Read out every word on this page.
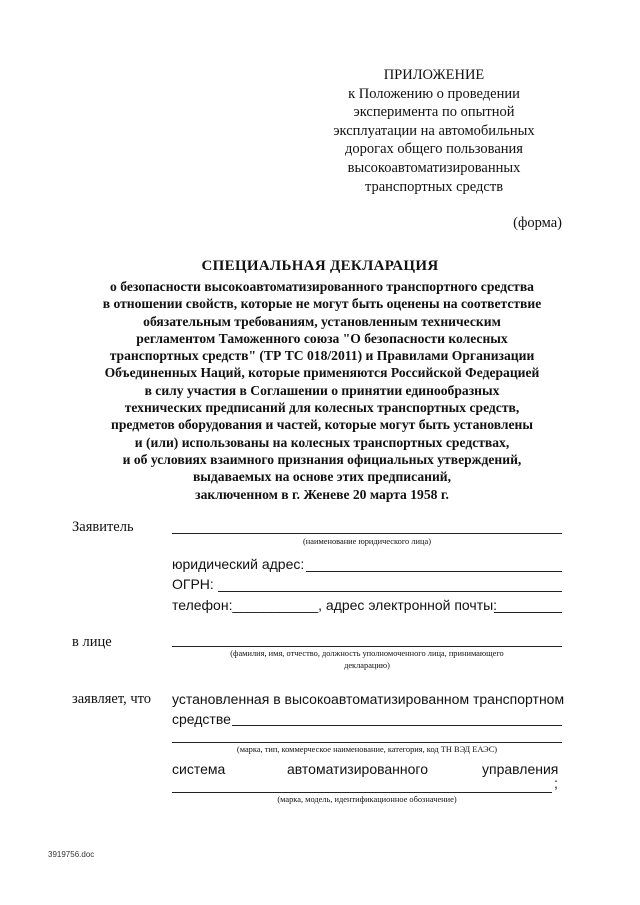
ПРИЛОЖЕНИЕ
к Положению о проведении
эксперимента по опытной
эксплуатации на автомобильных
дорогах общего пользования
высокоавтоматизированных
транспортных средств
(форма)
СПЕЦИАЛЬНАЯ ДЕКЛАРАЦИЯ
о безопасности высокоавтоматизированного транспортного средства
в отношении свойств, которые не могут быть оценены на соответствие
обязательным требованиям, установленным техническим
регламентом Таможенного союза "О безопасности колесных
транспортных средств" (ТР ТС 018/2011) и Правилами Организации
Объединенных Наций, которые применяются Российской Федерацией
в силу участия в Соглашении о принятии единообразных
технических предписаний для колесных транспортных средств,
предметов оборудования и частей, которые могут быть установлены
и (или) использованы на колесных транспортных средствах,
и об условиях взаимного признания официальных утверждений,
выдаваемых на основе этих предписаний,
заключенном в г. Женеве 20 марта 1958 г.
Заявитель
(наименование юридического лица)
юридический адрес:
ОГРН:
телефон:___________, адрес электронной почты:
в лице
(фамилия, имя, отчество, должность уполномоченного лица, принимающего
декларацию)
заявляет, что установленная в высокоавтоматизированном транспортном
средстве
(марка, тип, коммерческое наименование, категория, код ТН ВЭД ЕАЭС)
система	автоматизированного	управления
;
(марка, модель, идентификационное обозначение)
3919756.doc
